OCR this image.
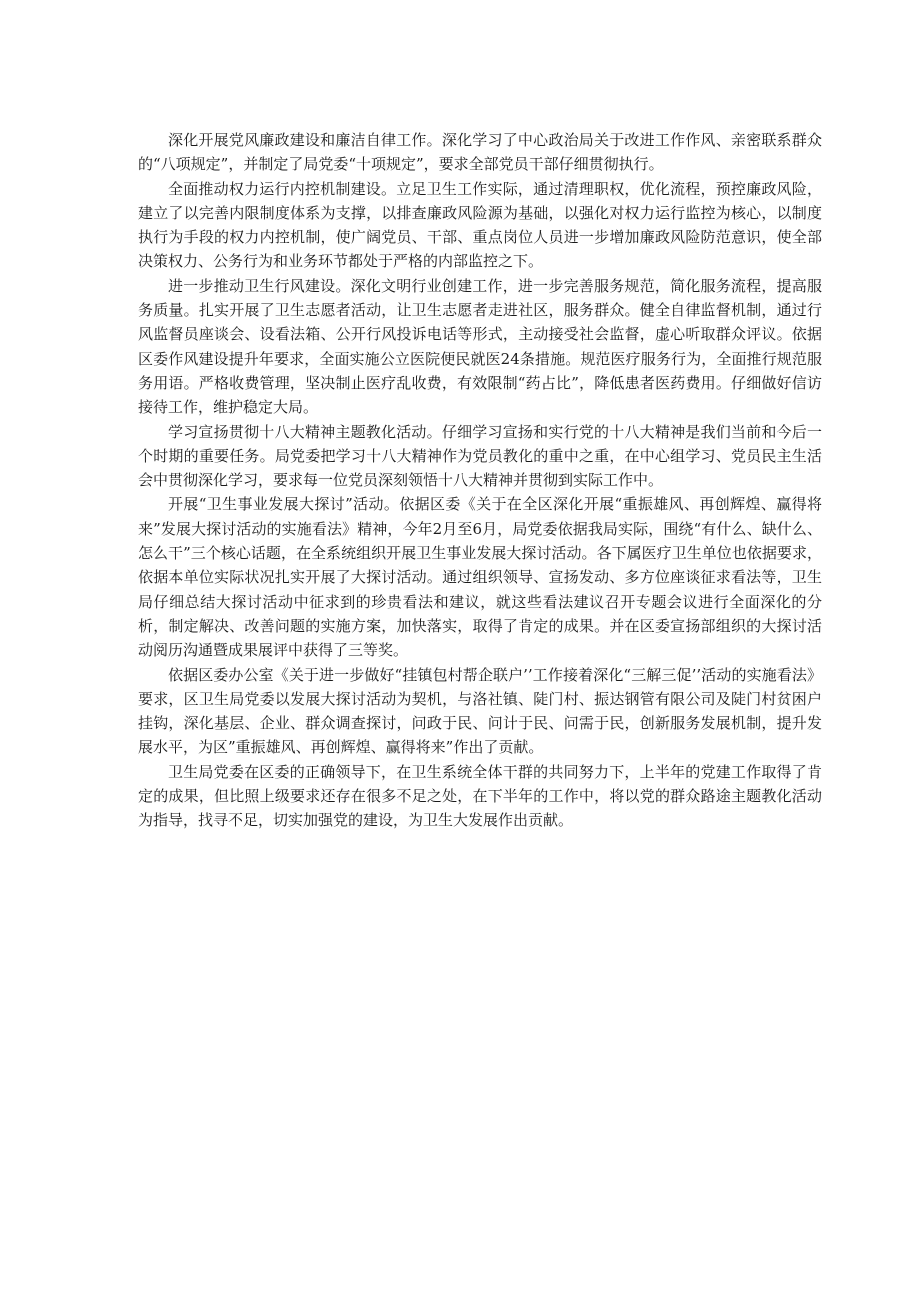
深化开展党风廉政建设和廉洁自律工作。深化学习了中心政治局关于改进工作作风、亲密联系群众的“八项规定”，并制定了局党委“十项规定”，要求全部党员干部仔细贯彻执行。

全面推动权力运行内控机制建设。立足卫生工作实际，通过清理职权，优化流程，预控廉政风险，建立了以完善内限制度体系为支撑，以排查廉政风险源为基础，以强化对权力运行监控为核心，以制度执行为手段的权力内控机制，使广阔党员、干部、重点岗位人员进一步增加廉政风险防范意识，使全部决策权力、公务行为和业务环节都处于严格的内部监控之下。

进一步推动卫生行风建设。深化文明行业创建工作，进一步完善服务规范，简化服务流程，提高服务质量。扎实开展了卫生志愿者活动，让卫生志愿者走进社区，服务群众。健全自律监督机制，通过行风监督员座谈会、设看法箱、公开行风投诉电话等形式，主动接受社会监督，虚心听取群众评议。依据区委作风建设提升年要求，全面实施公立医院便民就医24条措施。规范医疗服务行为，全面推行规范服务用语。严格收费管理，坚决制止医疗乱收费，有效限制“药占比”，降低患者医药费用。仔细做好信访接待工作，维护稳定大局。

学习宣扬贯彻十八大精神主题教化活动。仔细学习宣扬和实行党的十八大精神是我们当前和今后一个时期的重要任务。局党委把学习十八大精神作为党员教化的重中之重，在中心组学习、党员民主生活会中贯彻深化学习，要求每一位党员深刻领悟十八大精神并贯彻到实际工作中。

开展“卫生事业发展大探讨”活动。依据区委《关于在全区深化开展“重振雄风、再创辉煌、赢得将来”发展大探讨活动的实施看法》精神，今年2月至6月，局党委依据我局实际，围绕“有什么、缺什么、怎么干”三个核心话题，在全系统组织开展卫生事业发展大探讨活动。各下属医疗卫生单位也依据要求，依据本单位实际状况扎实开展了大探讨活动。通过组织领导、宣扬发动、多方位座谈征求看法等，卫生局仔细总结大探讨活动中征求到的珍贵看法和建议，就这些看法建议召开专题会议进行全面深化的分析，制定解决、改善问题的实施方案，加快落实，取得了肯定的成果。并在区委宣扬部组织的大探讨活动阅历沟通暨成果展评中获得了三等奖。

依据区委办公室《关于进一步做好“挂镇包村帮企联户’’工作接着深化“三解三促’’活动的实施看法》要求，区卫生局党委以发展大探讨活动为契机，与洛社镇、陡门村、振达钢管有限公司及陡门村贫困户挂钩，深化基层、企业、群众调查探讨，问政于民、问计于民、问需于民，创新服务发展机制，提升发展水平，为区”重振雄风、再创辉煌、赢得将来”作出了贡献。

卫生局党委在区委的正确领导下，在卫生系统全体干群的共同努力下，上半年的党建工作取得了肯定的成果，但比照上级要求还存在很多不足之处，在下半年的工作中，将以党的群众路途主题教化活动为指导，找寻不足，切实加强党的建设，为卫生大发展作出贡献。
